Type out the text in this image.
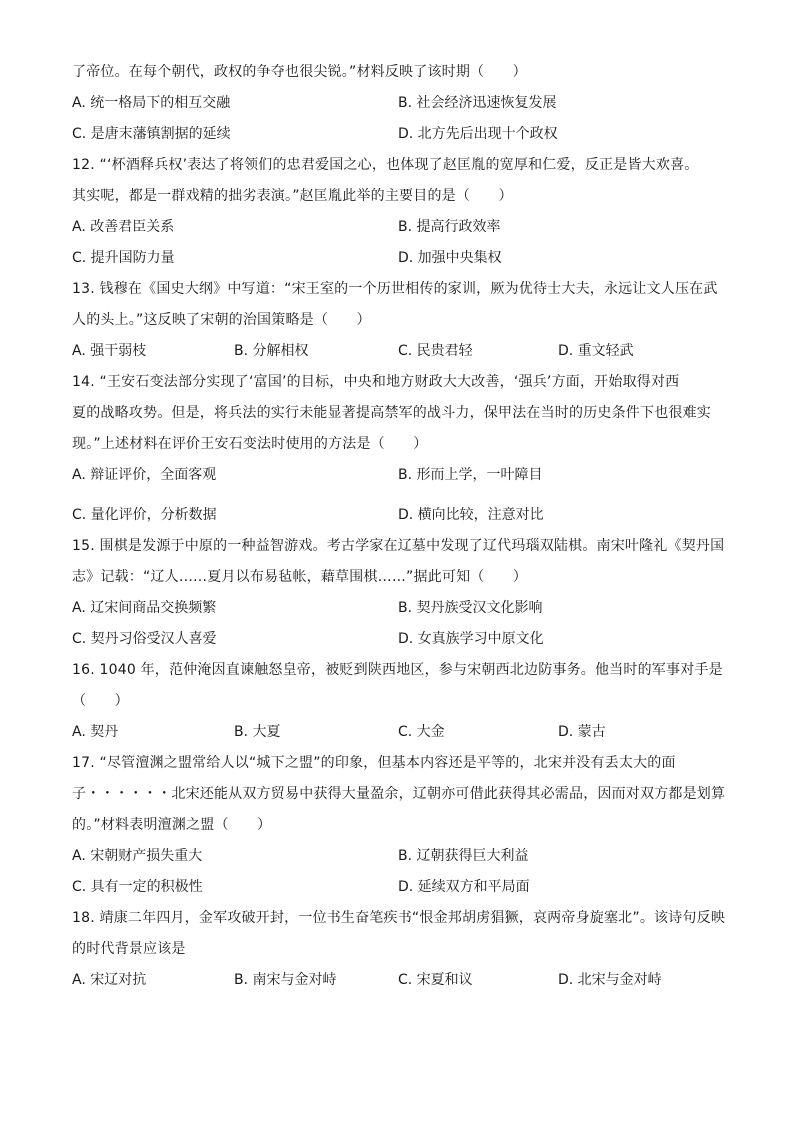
了帝位。在每个朝代，政权的争夺也很尖锐。”材料反映了该时期（　　）
A. 统一格局下的相互交融	B. 社会经济迅速恢复发展
C. 是唐末藩镇割据的延续	D. 北方先后出现十个政权
12. “‘杯酒释兵权’表达了将领们的忠君爱国之心，也体现了赵匡胤的宽厚和仁爱，反正是皆大欢喜。
其实呢，都是一群戏精的拙劣表演。”赵匡胤此举的主要目的是（　　）
A. 改善君臣关系	B. 提高行政效率
C. 提升国防力量	D. 加强中央集权
13. 钱穆在《国史大纲》中写道：“宋王室的一个历世相传的家训，厥为优待士大夫，永远让文人压在武
人的头上。”这反映了宋朝的治国策略是（　　）
A. 强干弱枝	B. 分解相权	C. 民贵君轻	D. 重文轻武
14. “王安石变法部分实现了‘富国’的目标，中央和地方财政大大改善，‘强兵’方面，开始取得对西
夏的战略攻势。但是，将兵法的实行未能显著提高禁军的战斗力，保甲法在当时的历史条件下也很难实
现。”上述材料在评价王安石变法时使用的方法是（　　）
A. 辩证评价，全面客观	B. 形而上学，一叶障目
C. 量化评价，分析数据	D. 横向比较，注意对比
15. 围棋是发源于中原的一种益智游戏。考古学家在辽墓中发现了辽代玛瑙双陆棋。南宋叶隆礼《契丹国
志》记载：“辽人……夏月以布易毡帐，藉草围棋……”据此可知（　　）
A. 辽宋间商品交换频繁	B. 契丹族受汉文化影响
C. 契丹习俗受汉人喜爱	D. 女真族学习中原文化
16. 1040 年，范仲淹因直谏触怒皇帝，被贬到陕西地区，参与宋朝西北边防事务。他当时的军事对手是
（　　）
A. 契丹	B. 大夏	C. 大金	D. 蒙古
17. “尽管澶渊之盟常给人以“城下之盟”的印象，但基本内容还是平等的，北宋并没有丢太大的面
子・・・・・・北宋还能从双方贸易中获得大量盈余，辽朝亦可借此获得其必需品，因而对双方都是划算
的。”材料表明澶渊之盟（　　）
A. 宋朝财产损失重大	B. 辽朝获得巨大利益
C. 具有一定的积极性	D. 延续双方和平局面
18. 靖康二年四月，金军攻破开封，一位书生奋笔疾书“恨金邦胡虏猖獗，哀两帝身旋塞北”。该诗句反映
的时代背景应该是
A. 宋辽对抗	B. 南宋与金对峙	C. 宋夏和议	D. 北宋与金对峙
